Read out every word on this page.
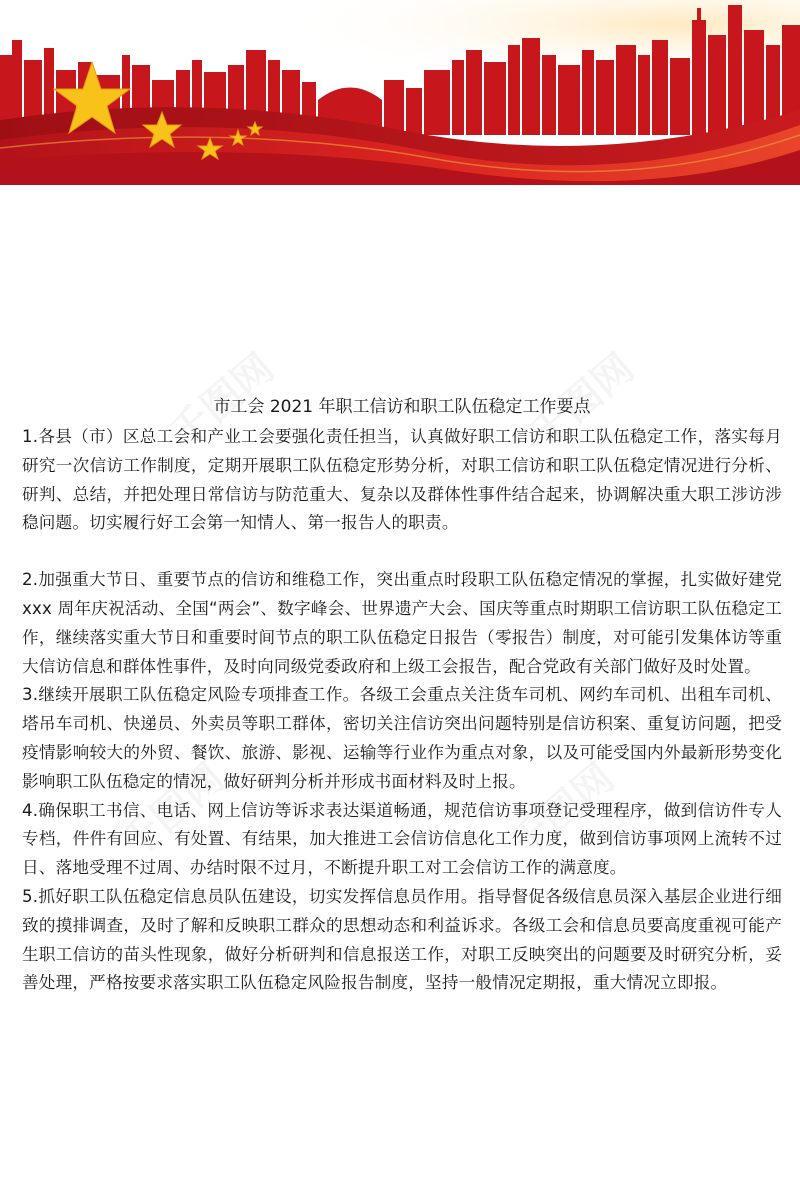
市工会 2021 年职工信访和职工队伍稳定工作要点

1.各县（市）区总工会和产业工会要强化责任担当，认真做好职工信访和职工队伍稳定工作，落实每月研究一次信访工作制度，定期开展职工队伍稳定形势分析，对职工信访和职工队伍稳定情况进行分析、研判、总结，并把处理日常信访与防范重大、复杂以及群体性事件结合起来，协调解决重大职工涉访涉稳问题。切实履行好工会第一知情人、第一报告人的职责。

2.加强重大节日、重要节点的信访和维稳工作，突出重点时段职工队伍稳定情况的掌握，扎实做好建党 xxx 周年庆祝活动、全国“两会”、数字峰会、世界遗产大会、国庆等重点时期职工信访职工队伍稳定工作，继续落实重大节日和重要时间节点的职工队伍稳定日报告（零报告）制度，对可能引发集体访等重大信访信息和群体性事件，及时向同级党委政府和上级工会报告，配合党政有关部门做好及时处置。

3.继续开展职工队伍稳定风险专项排查工作。各级工会重点关注货车司机、网约车司机、出租车司机、塔吊车司机、快递员、外卖员等职工群体，密切关注信访突出问题特别是信访积案、重复访问题，把受疫情影响较大的外贸、餐饮、旅游、影视、运输等行业作为重点对象，以及可能受国内外最新形势变化影响职工队伍稳定的情况，做好研判分析并形成书面材料及时上报。

4.确保职工书信、电话、网上信访等诉求表达渠道畅通，规范信访事项登记受理程序，做到信访件专人专档，件件有回应、有处置、有结果，加大推进工会信访信息化工作力度，做到信访事项网上流转不过日、落地受理不过周、办结时限不过月，不断提升职工对工会信访工作的满意度。

5.抓好职工队伍稳定信息员队伍建设，切实发挥信息员作用。指导督促各级信息员深入基层企业进行细致的摸排调查，及时了解和反映职工群众的思想动态和利益诉求。各级工会和信息员要高度重视可能产生职工信访的苗头性现象，做好分析研判和信息报送工作，对职工反映突出的问题要及时研究分析，妥善处理，严格按要求落实职工队伍稳定风险报告制度，坚持一般情况定期报，重大情况立即报。
